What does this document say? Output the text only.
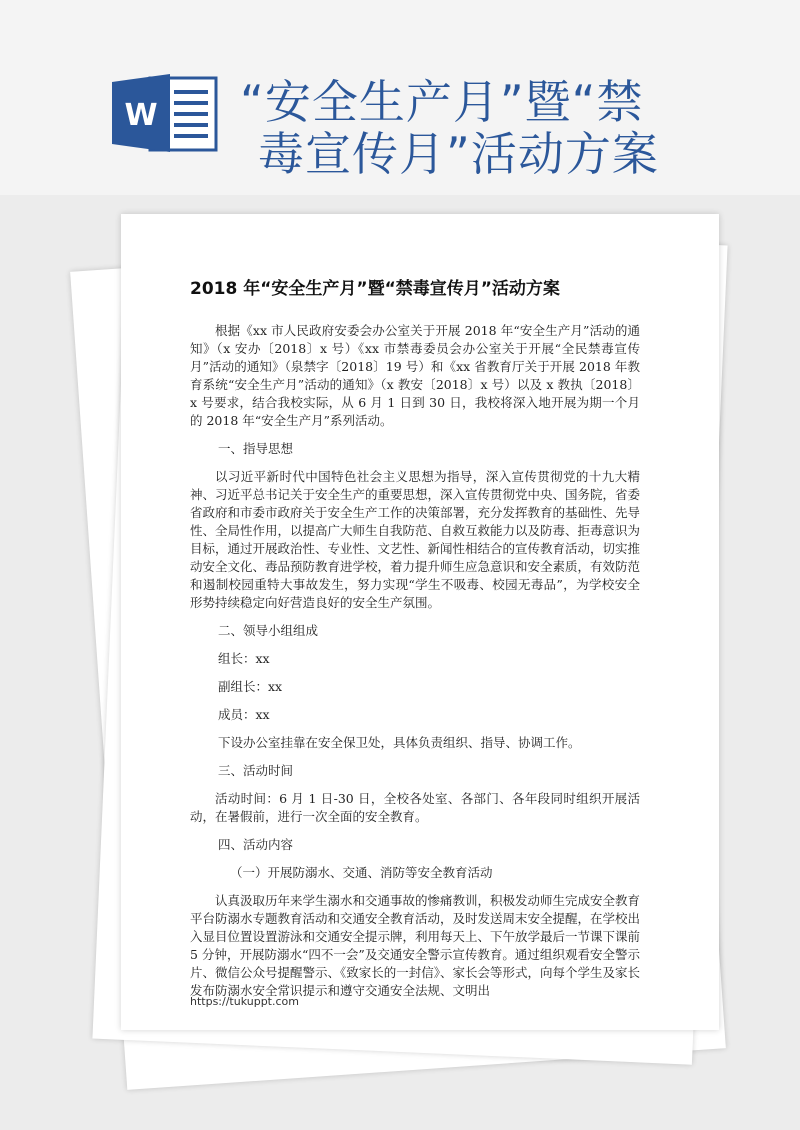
W “安全生产月”暨“禁
毒宣传月”活动方案
2018 年“安全生产月”暨“禁毒宣传月”活动方案

根据《xx 市人民政府安委会办公室关于开展 2018 年“安全生产月”活动的通知》（x 安办〔2018〕x 号）《xx 市禁毒委员会办公室关于开展“全民禁毒宣传月”活动的通知》（泉禁字〔2018〕19 号）和《xx 省教育厅关于开展 2018 年教育系统“安全生产月”活动的通知》（x 教安〔2018〕x 号）以及 x 教执〔2018〕x 号要求，结合我校实际，从 6 月 1 日到 30 日，我校将深入地开展为期一个月的 2018 年“安全生产月”系列活动。

一、指导思想

以习近平新时代中国特色社会主义思想为指导，深入宣传贯彻党的十九大精神、习近平总书记关于安全生产的重要思想，深入宣传贯彻党中央、国务院，省委省政府和市委市政府关于安全生产工作的决策部署，充分发挥教育的基础性、先导性、全局性作用，以提高广大师生自我防范、自救互救能力以及防毒、拒毒意识为目标，通过开展政治性、专业性、文艺性、新闻性相结合的宣传教育活动，切实推动安全文化、毒品预防教育进学校，着力提升师生应急意识和安全素质，有效防范和遏制校园重特大事故发生，努力实现“学生不吸毒、校园无毒品”，为学校安全形势持续稳定向好营造良好的安全生产氛围。

二、领导小组组成
组长：xx
副组长：xx
成员：xx
下设办公室挂靠在安全保卫处，具体负责组织、指导、协调工作。
三、活动时间

活动时间：6 月 1 日-30 日，全校各处室、各部门、各年段同时组织开展活动，在暑假前，进行一次全面的安全教育。

四、活动内容
（一）开展防溺水、交通、消防等安全教育活动

认真汲取历年来学生溺水和交通事故的惨痛教训，积极发动师生完成安全教育平台防溺水专题教育活动和交通安全教育活动，及时发送周末安全提醒，在学校出入显目位置设置游泳和交通安全提示牌，利用每天上、下午放学最后一节课下课前 5 分钟，开展防溺水“四不一会”及交通安全警示宣传教育。通过组织观看安全警示片、微信公众号提醒警示、《致家长的一封信》、家长会等形式，向每个学生及家长发布防溺水安全常识提示和遵守交通安全法规、文明出

https://tukuppt.com
